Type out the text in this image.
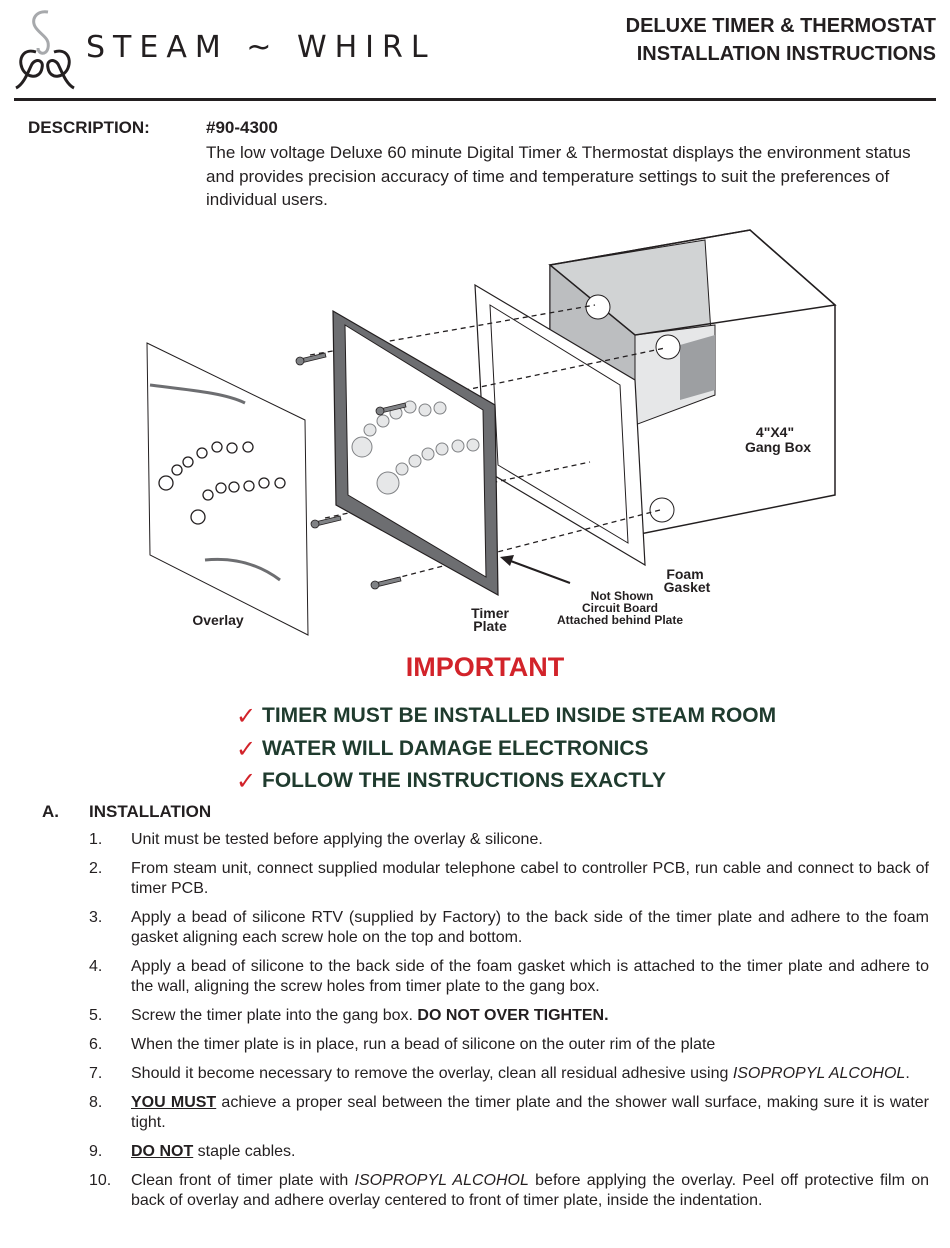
STEAM ~ WHIRL
DELUXE TIMER & THERMOSTAT
INSTALLATION INSTRUCTIONS
DESCRIPTION:	#90-4300
The low voltage Deluxe 60 minute Digital Timer & Thermostat displays the environment status and provides precision accuracy of time and temperature settings to suit the preferences of individual users.
4"X4"
Gang Box
Foam
Gasket
Timer
Plate
Not Shown
Circuit Board
Attached behind Plate
Overlay
IMPORTANT
✓ TIMER MUST BE INSTALLED INSIDE STEAM ROOM
✓ WATER WILL DAMAGE ELECTRONICS
✓ FOLLOW THE INSTRUCTIONS EXACTLY
A. INSTALLATION
1.	Unit must be tested before applying the overlay & silicone.
2.	From steam unit, connect supplied modular telephone cabel to controller PCB, run cable and connect to back of timer PCB.
3.	Apply a bead of silicone RTV (supplied by Factory) to the back side of the timer plate and adhere to the foam gasket aligning each screw hole on the top and bottom.
4.	Apply a bead of silicone to the back side of the foam gasket which is attached to the timer plate and adhere to the wall, aligning the screw holes from timer plate to the gang box.
5.	Screw the timer plate into the gang box. DO NOT OVER TIGHTEN.
6.	When the timer plate is in place, run a bead of silicone on the outer rim of the plate
7.	Should it become necessary to remove the overlay, clean all residual adhesive using ISOPROPYL ALCOHOL.
8.	YOU MUST achieve a proper seal between the timer plate and the shower wall surface, making sure it is water tight.
9.	DO NOT staple cables.
10.	Clean front of timer plate with ISOPROPYL ALCOHOL before applying the overlay. Peel off protective film on back of overlay and adhere overlay centered to front of timer plate, inside the indentation.
